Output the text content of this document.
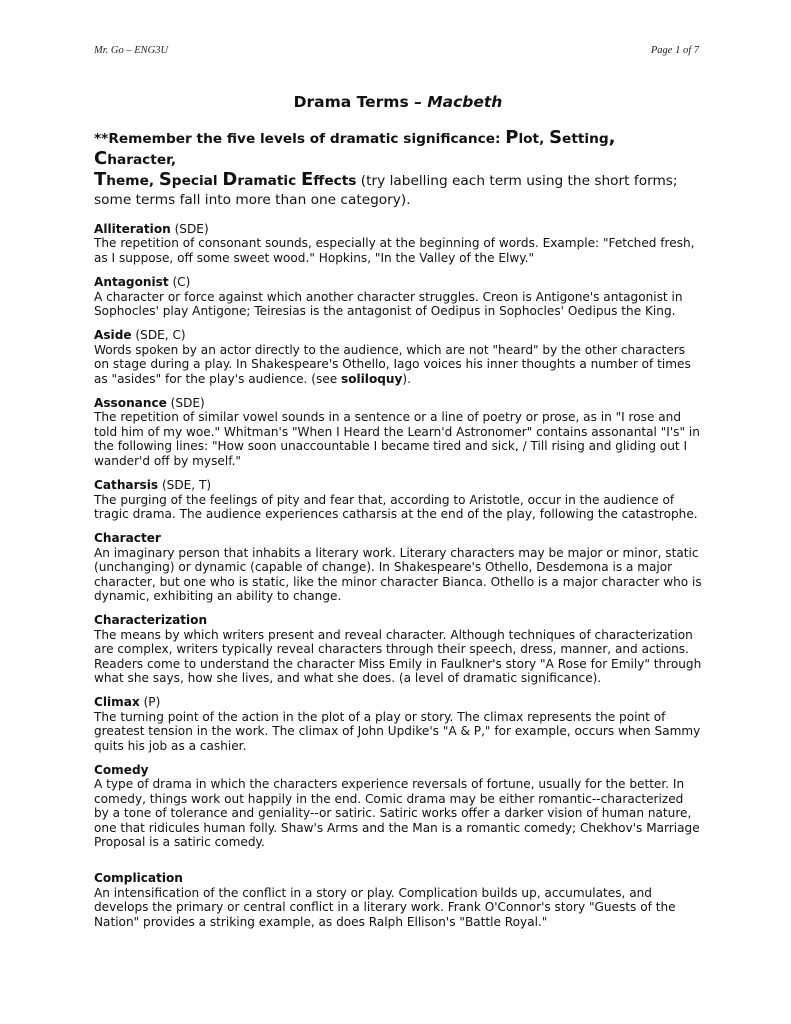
Mr. Go – ENG3U	Page 1 of 7
Drama Terms – Macbeth
**Remember the five levels of dramatic significance: Plot, Setting, Character,
Theme, Special Dramatic Effects (try labelling each term using the short forms; some terms fall into more than one category).
Alliteration (SDE)

The repetition of consonant sounds, especially at the beginning of words. Example: "Fetched fresh, as I suppose, off some sweet wood." Hopkins, "In the Valley of the Elwy."

Antagonist (C)

A character or force against which another character struggles. Creon is Antigone's antagonist in Sophocles' play Antigone; Teiresias is the antagonist of Oedipus in Sophocles' Oedipus the King.

Aside (SDE, C)

Words spoken by an actor directly to the audience, which are not "heard" by the other characters on stage during a play. In Shakespeare's Othello, Iago voices his inner thoughts a number of times as "asides" for the play's audience. (see soliloquy).

Assonance (SDE)

The repetition of similar vowel sounds in a sentence or a line of poetry or prose, as in "I rose and told him of my woe." Whitman's "When I Heard the Learn'd Astronomer" contains assonantal "I's" in the following lines: "How soon unaccountable I became tired and sick, / Till rising and gliding out I wander'd off by myself."

Catharsis (SDE, T)

The purging of the feelings of pity and fear that, according to Aristotle, occur in the audience of tragic drama. The audience experiences catharsis at the end of the play, following the catastrophe.

Character

An imaginary person that inhabits a literary work. Literary characters may be major or minor, static (unchanging) or dynamic (capable of change). In Shakespeare's Othello, Desdemona is a major character, but one who is static, like the minor character Bianca. Othello is a major character who is dynamic, exhibiting an ability to change.

Characterization

The means by which writers present and reveal character. Although techniques of characterization are complex, writers typically reveal characters through their speech, dress, manner, and actions. Readers come to understand the character Miss Emily in Faulkner's story "A Rose for Emily" through what she says, how she lives, and what she does. (a level of dramatic significance).

Climax (P)

The turning point of the action in the plot of a play or story. The climax represents the point of greatest tension in the work. The climax of John Updike's "A & P," for example, occurs when Sammy quits his job as a cashier.

Comedy

A type of drama in which the characters experience reversals of fortune, usually for the better. In comedy, things work out happily in the end. Comic drama may be either romantic--characterized by a tone of tolerance and geniality--or satiric. Satiric works offer a darker vision of human nature, one that ridicules human folly. Shaw's Arms and the Man is a romantic comedy; Chekhov's Marriage Proposal is a satiric comedy.

Complication

An intensification of the conflict in a story or play. Complication builds up, accumulates, and develops the primary or central conflict in a literary work. Frank O'Connor's story "Guests of the Nation" provides a striking example, as does Ralph Ellison's "Battle Royal."
